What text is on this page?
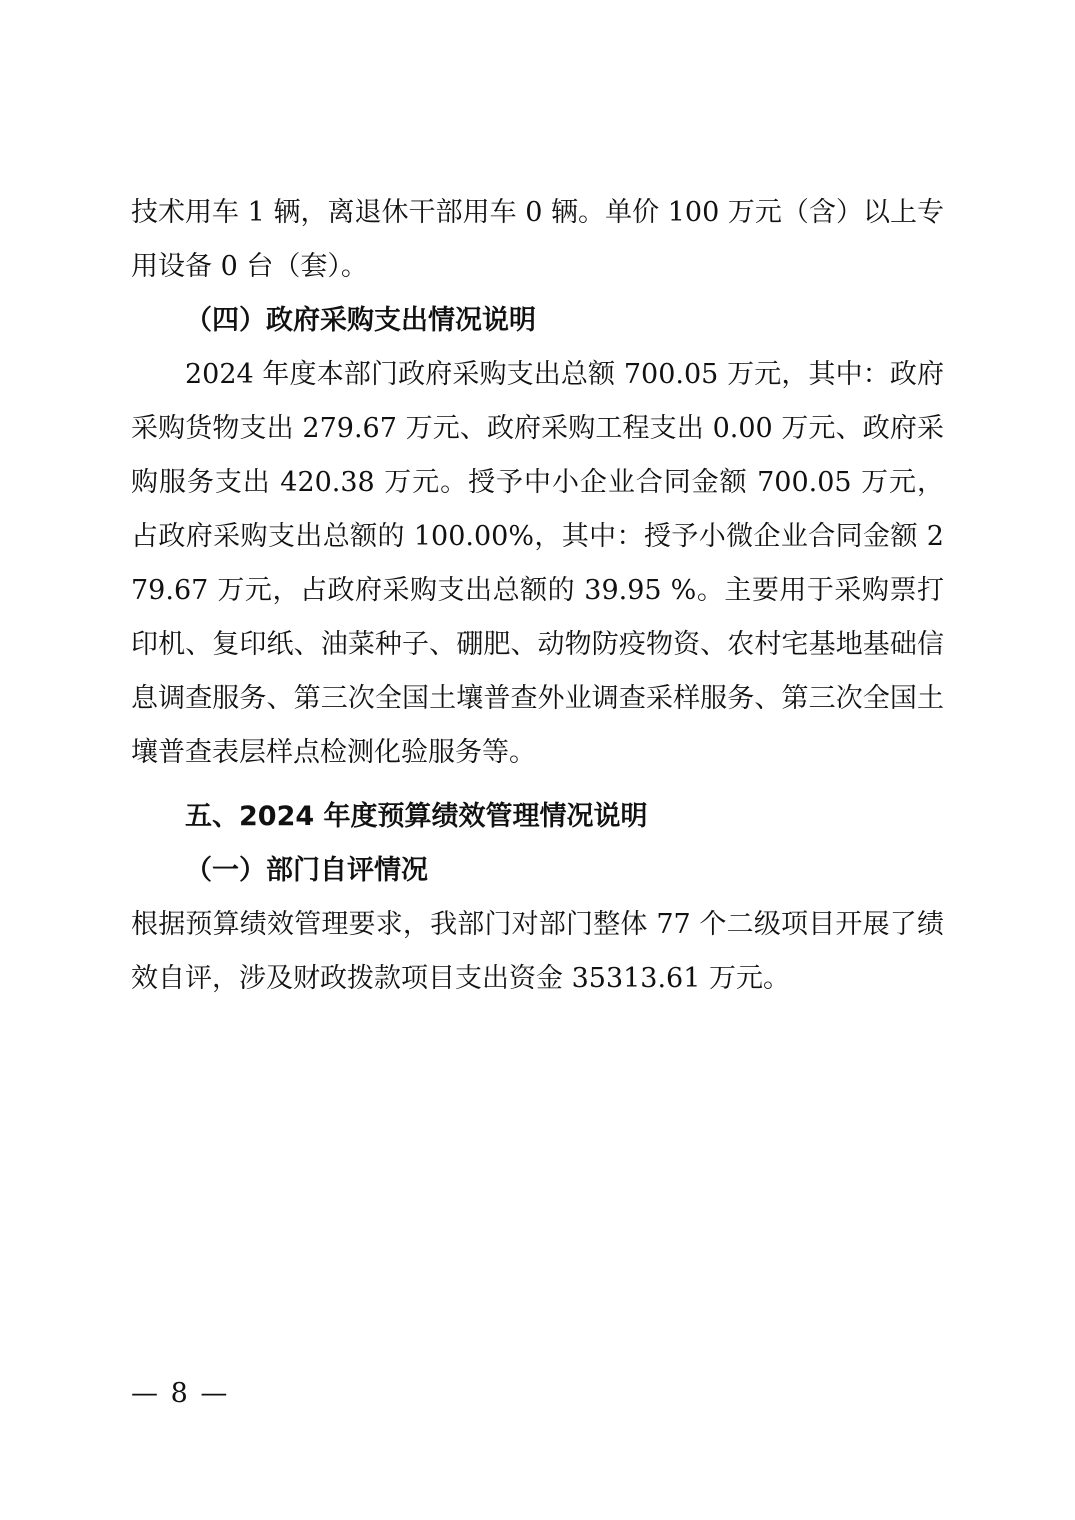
技术用车 1 辆，离退休干部用车 0 辆。单价 100 万元（含）以上专用设备 0 台（套）。

（四）政府采购支出情况说明

2024 年度本部门政府采购支出总额 700.05 万元，其中：政府采购货物支出 279.67 万元、政府采购工程支出 0.00 万元、政府采购服务支出 420.38 万元。授予中小企业合同金额 700.05 万元，占政府采购支出总额的 100.00%，其中：授予小微企业合同金额 279.67 万元，占政府采购支出总额的 39.95 %。主要用于采购票打印机、复印纸、油菜种子、硼肥、动物防疫物资、农村宅基地基础信息调查服务、第三次全国土壤普查外业调查采样服务、第三次全国土壤普查表层样点检测化验服务等。

五、2024 年度预算绩效管理情况说明
（一）部门自评情况

根据预算绩效管理要求，我部门对部门整体 77 个二级项目开展了绩效自评，涉及财政拨款项目支出资金 35313.61 万元。

— 8 —
